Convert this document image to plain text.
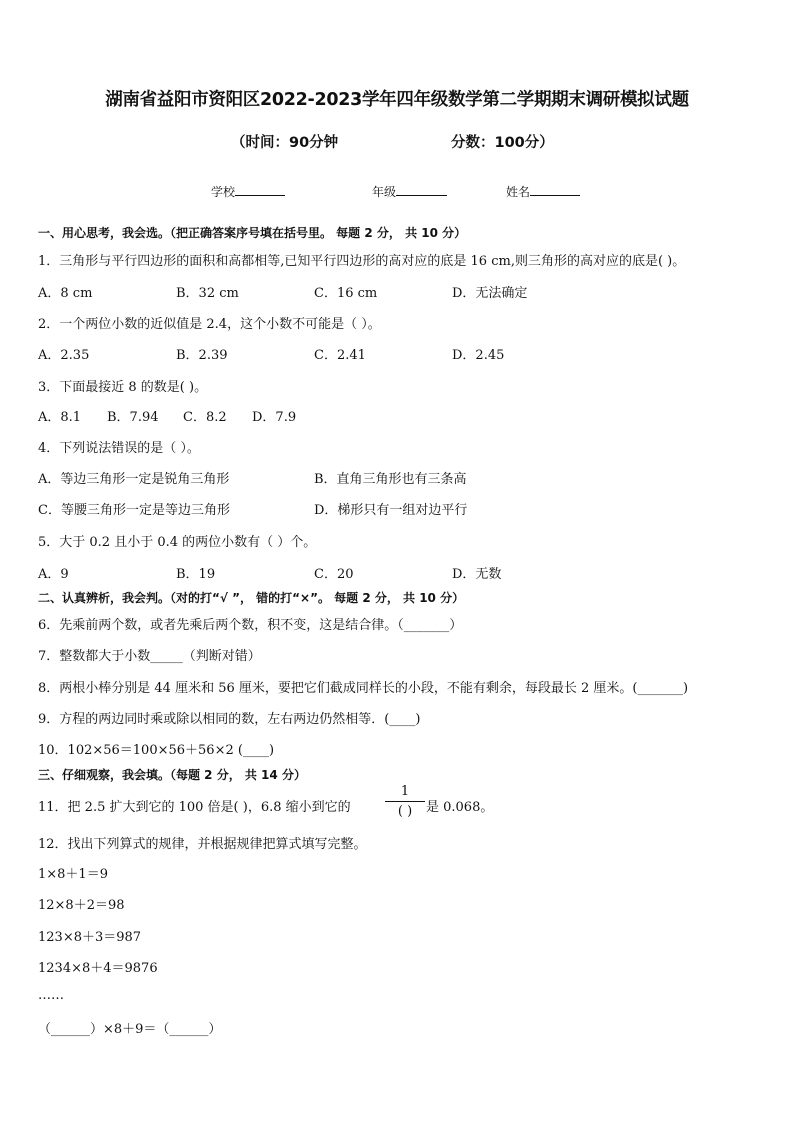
湖南省益阳市资阳区2022-2023学年四年级数学第二学期期末调研模拟试题
（时间：90分钟	分数：100分）
学校	年级	姓名
一、用心思考，我会选。（把正确答案序号填在括号里。 每题 2 分， 共 10 分）
1．三角形与平行四边形的面积和高都相等,已知平行四边形的高对应的底是 16 cm,则三角形的高对应的底是( )。
A．8 cm	B．32 cm	C．16 cm	D．无法确定
2．一个两位小数的近似值是 2.4，这个小数不可能是（ ）。
A．2.35	B．2.39	C．2.41	D．2.45
3．下面最接近 8 的数是( )。
A．8.1 B．7.94 C．8.2 D．7.9
4．下列说法错误的是（ ）。
A．等边三角形一定是锐角三角形	B．直角三角形也有三条高
C．等腰三角形一定是等边三角形	D．梯形只有一组对边平行
5．大于 0.2 且小于 0.4 的两位小数有（ ）个。
A．9	B．19	C．20	D．无数
二、认真辨析，我会判。（对的打“√ ”， 错的打“×”。 每题 2 分， 共 10 分）
6．先乘前两个数，或者先乘后两个数，积不变，这是结合律。（_______）
7．整数都大于小数_____（判断对错）
8．两根小棒分别是 44 厘米和 56 厘米，要把它们截成同样长的小段，不能有剩余，每段最长 2 厘米。(_______)
9．方程的两边同时乘或除以相同的数，左右两边仍然相等．(____)
10．102×56＝100×56＋56×2 (____)
三、仔细观察，我会填。（每题 2 分， 共 14 分）
11．把 2.5 扩大到它的 100 倍是( )，6.8 缩小到它的
1
( )	是 0.068。
12．找出下列算式的规律，并根据规律把算式填写完整。
1×8＋1＝9
12×8＋2＝98
123×8＋3＝987
1234×8＋4＝9876
……
（______）×8＋9＝（______）
